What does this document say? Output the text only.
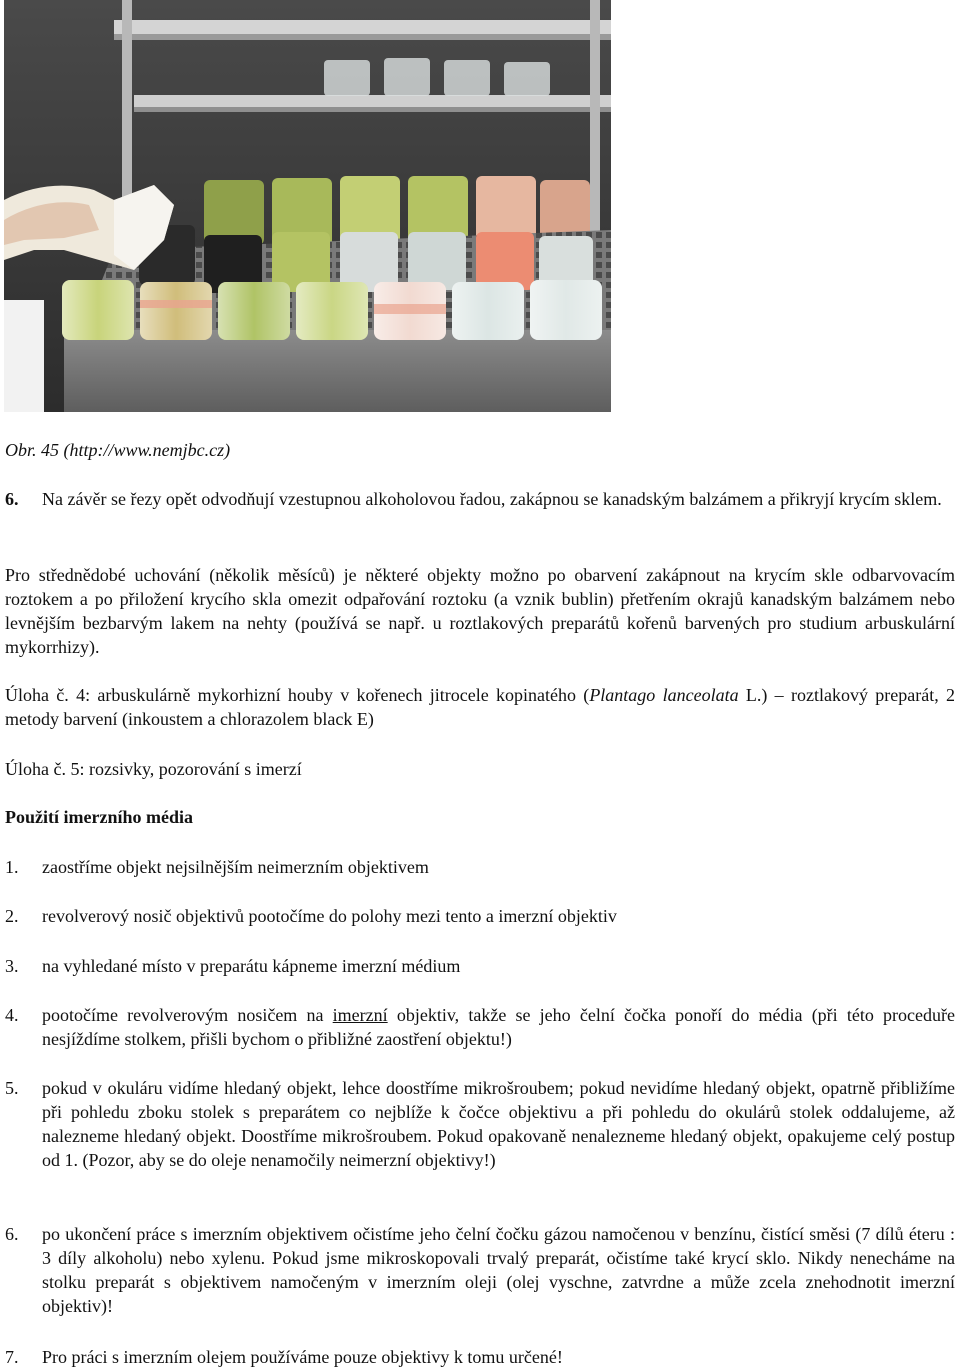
Obr. 45 (http://www.nemjbc.cz)
6.	Na závěr se řezy opět odvodňují vzestupnou alkoholovou řadou, zakápnou se kanadským balzámem a přikryjí krycím sklem.
Pro střednědobé uchování (několik měsíců) je některé objekty možno po obarvení zakápnout na krycím skle odbarvovacím roztokem a po přiložení krycího skla omezit odpařování roztoku (a vznik bublin) přetřením okrajů kanadským balzámem nebo levnějším bezbarvým lakem na nehty (používá se např. u roztlakových preparátů kořenů barvených pro studium arbuskulární mykorrhizy).
Úloha č. 4: arbuskulárně mykorhizní houby v kořenech jitrocele kopinatého (Plantago lanceolata L.) – roztlakový preparát, 2 metody barvení (inkoustem a chlorazolem black E)
Úloha č. 5: rozsivky, pozorování s imerzí
Použití imerzního média
1.	zaostříme objekt nejsilnějším neimerzním objektivem
2.	revolverový nosič objektivů pootočíme do polohy mezi tento a imerzní objektiv
3.	na vyhledané místo v preparátu kápneme imerzní médium
4.	pootočíme revolverovým nosičem na imerzní objektiv, takže se jeho čelní čočka ponoří do média (při této proceduře nesjíždíme stolkem, přišli bychom o přibližné zaostření objektu!)
5.	pokud v okuláru vidíme hledaný objekt, lehce doostříme mikrošroubem; pokud nevidíme hledaný objekt, opatrně přibližíme při pohledu zboku stolek s preparátem co nejblíže k čočce objektivu a při pohledu do okulárů stolek oddalujeme, až nalezneme hledaný objekt. Doostříme mikrošroubem. Pokud opakovaně nenalezneme hledaný objekt, opakujeme celý postup od 1. (Pozor, aby se do oleje nenamočily neimerzní objektivy!)
6.	po ukončení práce s imerzním objektivem očistíme jeho čelní čočku gázou namočenou v benzínu, čistící směsi (7 dílů éteru : 3 díly alkoholu) nebo xylenu. Pokud jsme mikroskopovali trvalý preparát, očistíme také krycí sklo. Nikdy nenecháme na stolku preparát s objektivem namočeným v imerzním oleji (olej vyschne, zatvrdne a může zcela znehodnotit imerzní objektiv)!
7.	Pro práci s imerzním olejem používáme pouze objektivy k tomu určené!
